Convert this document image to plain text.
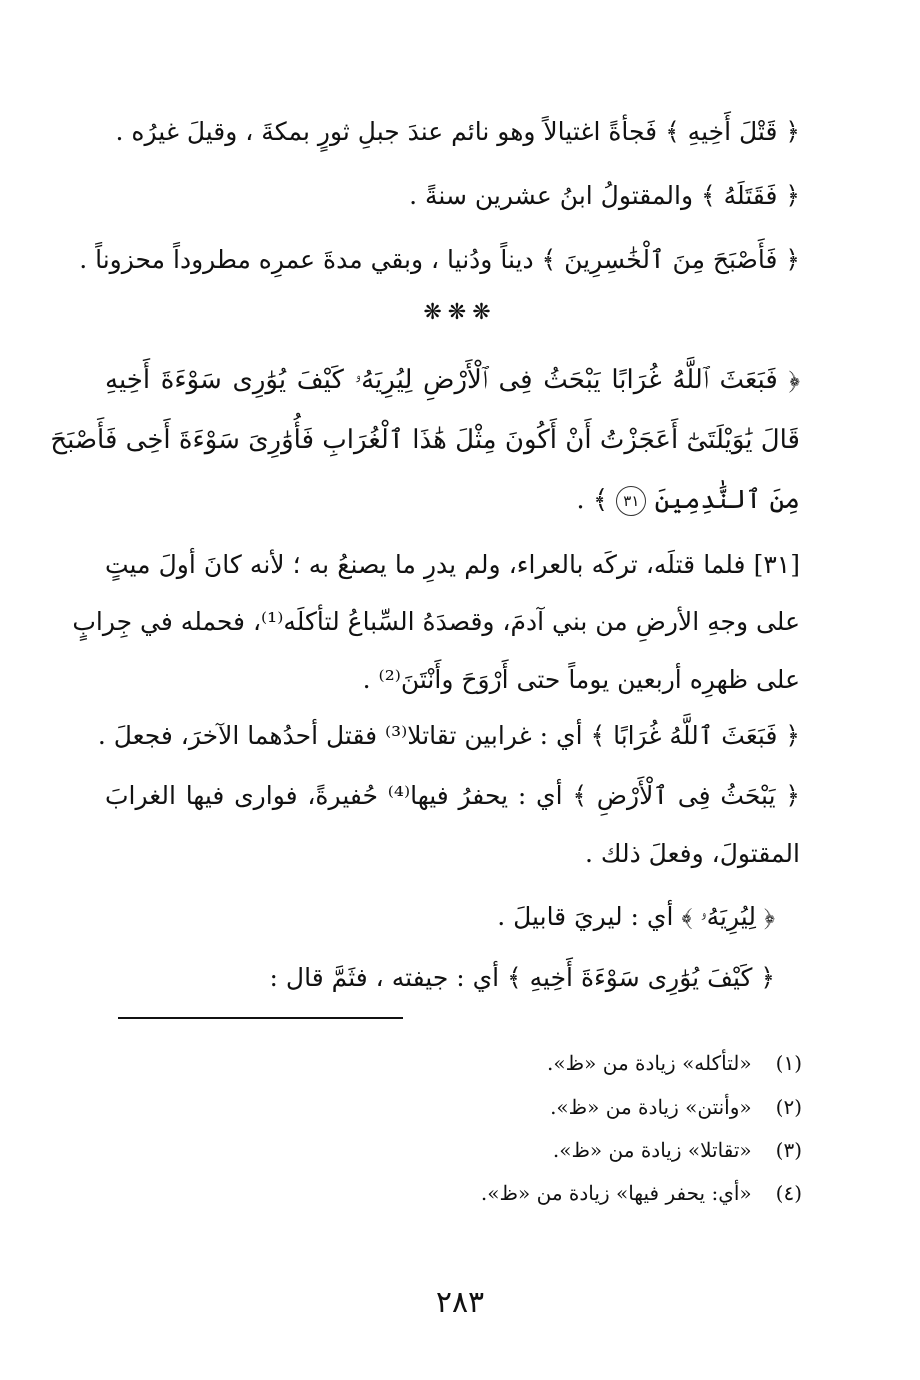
﴿ قَتْلَ أَخِيهِ ﴾ فَجأةً اغتيالاً وهو نائم عندَ جبلِ ثورٍ بمكةَ ، وقيلَ غيرُه .
﴿ فَقَتَلَهُ ﴾ والمقتولُ ابنُ عشرين سنةً .
﴿ فَأَصْبَحَ مِنَ ٱلْخَٰسِرِينَ ﴾ ديناً ودُنيا ، وبقي مدةَ عمرِه مطروداً محزوناً .
❋❋❋
﴿ فَبَعَثَ ٱللَّهُ غُرَابًا يَبْحَثُ فِى ٱلْأَرْضِ لِيُرِيَهُۥ كَيْفَ يُوَٰرِى سَوْءَةَ أَخِيهِ
قَالَ يَٰوَيْلَتَىٰٓ أَعَجَزْتُ أَنْ أَكُونَ مِثْلَ هَٰذَا ٱلْغُرَابِ فَأُوَٰرِىَ سَوْءَةَ أَخِى فَأَصْبَحَ
مِنَ ٱلنَّٰدِمِينَ ٣١ ﴾ .
[٣١] فلما قتلَه، تركَه بالعراء، ولم يدرِ ما يصنعُ به ؛ لأنه كانَ أولَ ميتٍ
على وجهِ الأرضِ من بني آدمَ، وقصدَهُ السِّباعُ لتأكلَه⁽¹⁾، فحمله في جِرابٍ
على ظهرِه أربعين يوماً حتى أَرْوَحَ وأَنْتَنَ⁽²⁾ .
﴿ فَبَعَثَ ٱللَّهُ غُرَابًا ﴾ أي : غرابين تقاتلا⁽³⁾ فقتل أحدُهما الآخرَ، فجعلَ .
﴿ يَبْحَثُ فِى ٱلْأَرْضِ ﴾ أي : يحفرُ فيها⁽⁴⁾ حُفيرةً، فوارى فيها الغرابَ
المقتولَ، وفعلَ ذلك .
﴿ لِيُرِيَهُۥ ﴾ أي : ليريَ قابيلَ .
﴿ كَيْفَ يُوَٰرِى سَوْءَةَ أَخِيهِ ﴾ أي : جيفته ، فثَمَّ قال :
(١) «لتأكله» زيادة من «ظ».
(٢) «وأنتن» زيادة من «ظ».
(٣) «تقاتلا» زيادة من «ظ».
(٤) «أي: يحفر فيها» زيادة من «ظ».
٢٨٣
